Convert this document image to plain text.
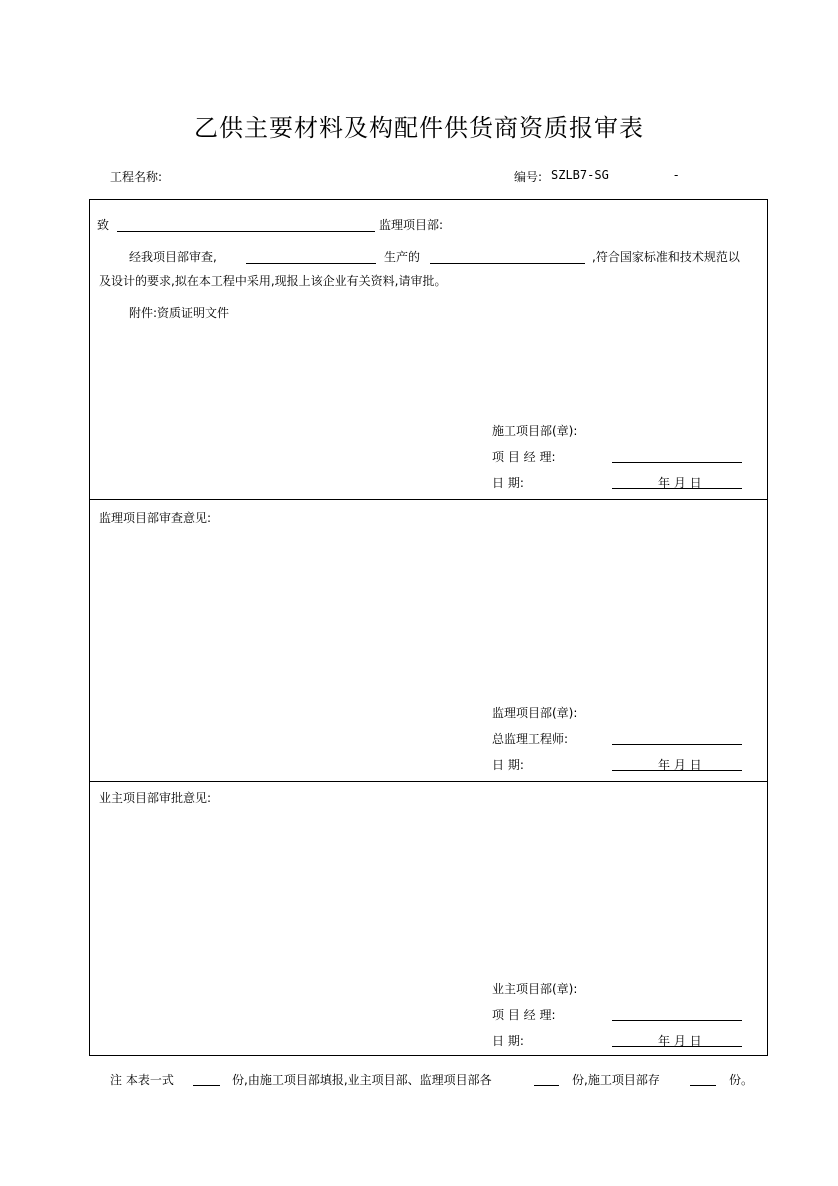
乙供主要材料及构配件供货商资质报审表
工程名称:	编号: SZLB7-SG	-
致	监理项目部:
经我项目部审查,	生产的	,符合国家标准和技术规范以
及设计的要求,拟在本工程中采用,现报上该企业有关资料,请审批。
附件:资质证明文件
施工项目部(章):
项 目 经 理:
日 期:	年 月 日
监理项目部审查意见:
监理项目部(章):
总监理工程师:
日 期:	年 月 日
业主项目部审批意见:
业主项目部(章):
项 目 经 理:
日 期:	年 月 日
注 本表一式	份,由施工项目部填报,业主项目部、监理项目部各	份,施工项目部存	份。
